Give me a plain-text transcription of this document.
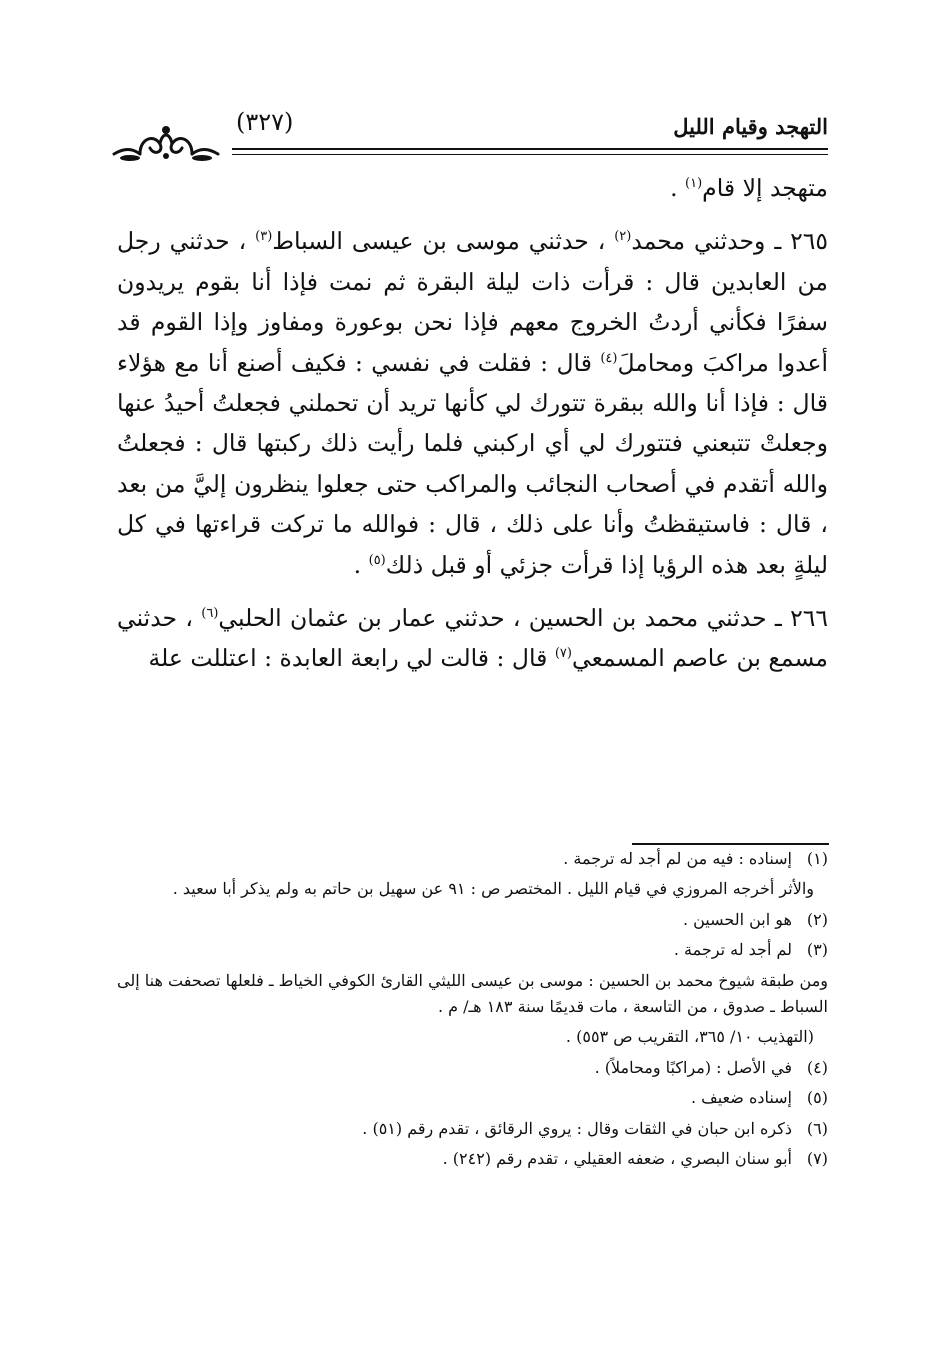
(٣٢٧)	التهجد وقيام الليل

متهجد إلا قام$^{(١)}$ .

٢٦٥ ـ وحدثني محمد$^{(٢)}$ ، حدثني موسى بن عيسى السباط$^{(٣)}$ ، حدثني رجل من العابدين قال : قرأت ذات ليلة البقرة ثم نمت فإذا أنا بقوم يريدون سفرًا فكأني أردتُ الخروج معهم فإذا نحن بوعورة ومفاوز وإذا القوم قد أعدوا مراكبَ ومحاملَ$^{(٤)}$ قال : فقلت في نفسي : فكيف أصنع أنا مع هؤلاء قال : فإذا أنا والله ببقرة تتورك لي كأنها تريد أن تحملني فجعلتُ أحيدُ عنها وجعلتْ تتبعني فتتورك لي أي اركبني فلما رأيت ذلك ركبتها قال : فجعلتُ والله أتقدم في أصحاب النجائب والمراكب حتى جعلوا ينظرون إليَّ من بعد ، قال : فاستيقظتُ وأنا على ذلك ، قال : فوالله ما تركت قراءتها في كل ليلةٍ بعد هذه الرؤيا إذا قرأت جزئي أو قبل ذلك$^{(٥)}$ .

٢٦٦ ـ حدثني محمد بن الحسين ، حدثني عمار بن عثمان الحلبي$^{(٦)}$ ، حدثني مسمع بن عاصم المسمعي$^{(٧)}$ قال : قالت لي رابعة العابدة : اعتللت علة

(١)إسناده : فيه من لم أجد له ترجمة .
والأثر أخرجه المروزي في قيام الليل . المختصر ص : ٩١ عن سهيل بن حاتم به ولم يذكر أبا سعيد .
(٢)هو ابن الحسين .
(٣)لم أجد له ترجمة .
ومن طبقة شيوخ محمد بن الحسين : موسى بن عيسى الليثي القارئ الكوفي الخياط ـ فلعلها تصحفت هنا إلى السباط ـ صدوق ، من التاسعة ، مات قديمًا سنة ١٨٣ هـ/ م .
(التهذيب ١٠/ ٣٦٥، التقريب ص ٥٥٣) .
(٤)في الأصل : (مراكبًا ومحاملاً) .
(٥)إسناده ضعيف .
(٦)ذكره ابن حبان في الثقات وقال : يروي الرقائق ، تقدم رقم (٥١) .
(٧)أبو سنان البصري ، ضعفه العقيلي ، تقدم رقم (٢٤٢) .
